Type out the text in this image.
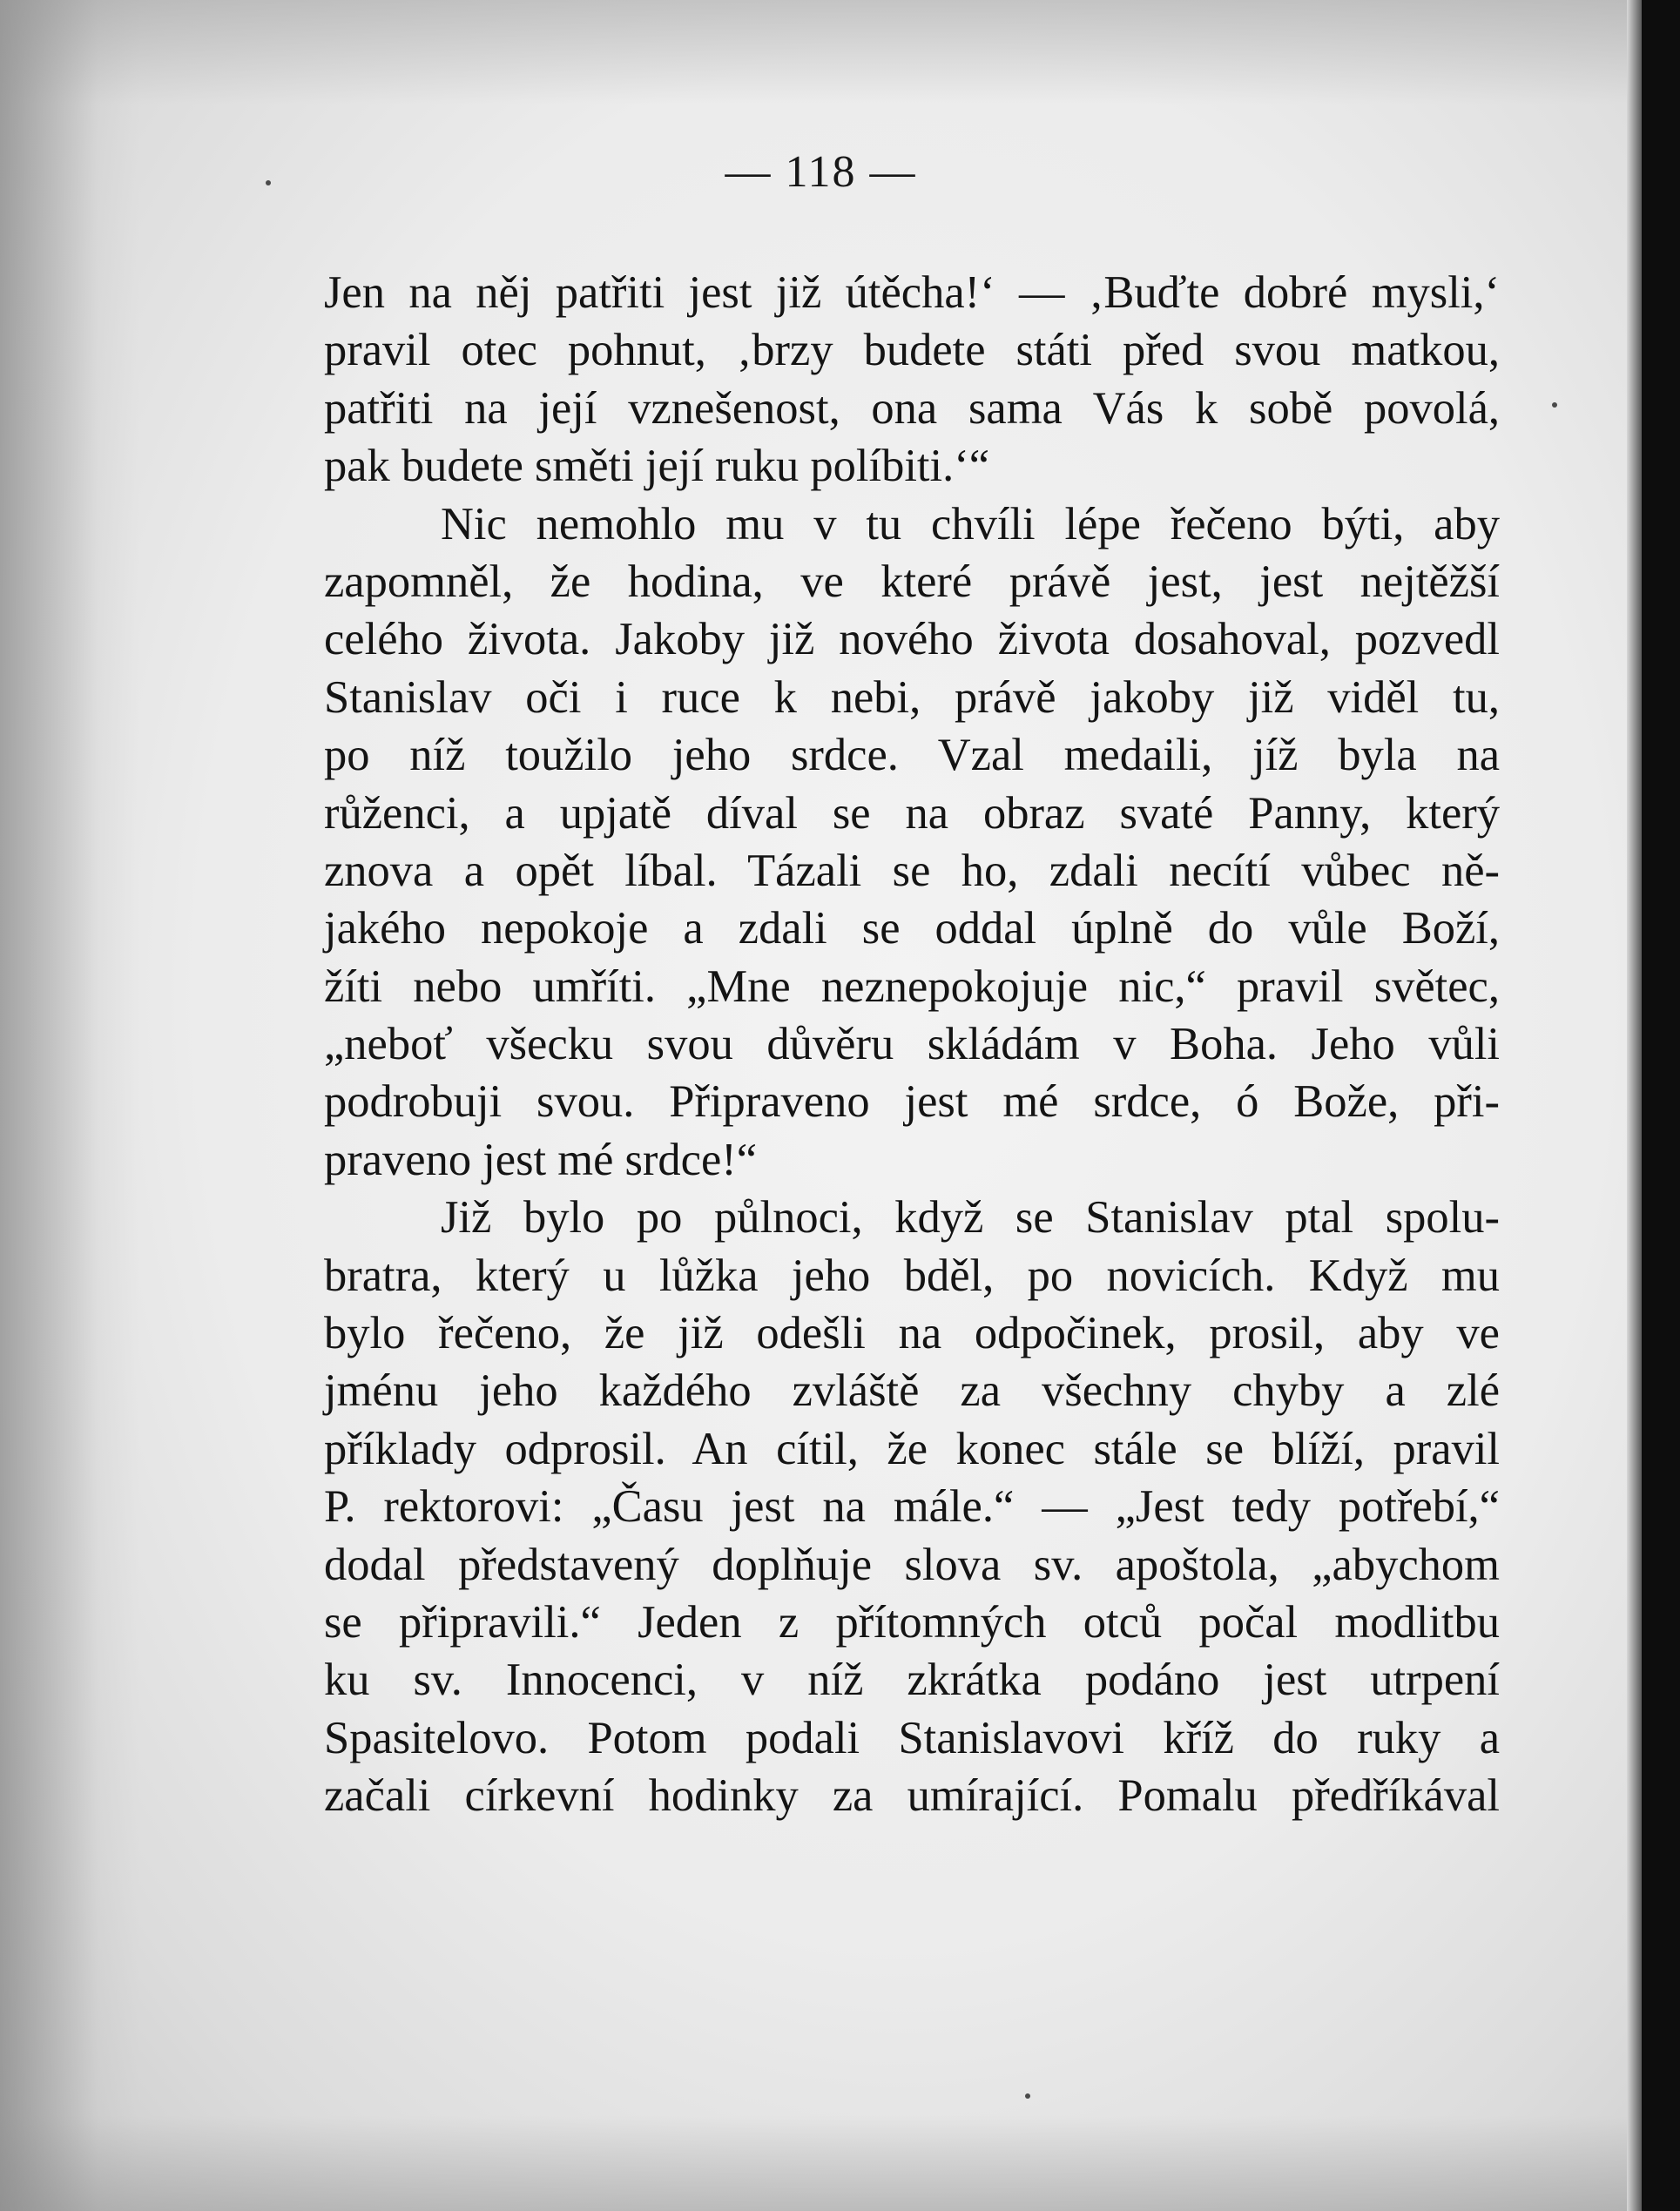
— 118 —
Jen na něj patřiti jest již útěcha!‘ — ‚Buďte dobré mysli,‘
pravil otec pohnut, ‚brzy budete státi před svou matkou,
patřiti na její vznešenost, ona sama Vás k sobě povolá,
pak budete směti její ruku políbiti.‘“
Nic nemohlo mu v tu chvíli lépe řečeno býti, aby
zapomněl, že hodina, ve které právě jest, jest nejtěžší
celého života. Jakoby již nového života dosahoval, pozvedl
Stanislav oči i ruce k nebi, právě jakoby již viděl tu,
po níž toužilo jeho srdce. Vzal medaili, jíž byla na
růženci, a upjatě díval se na obraz svaté Panny, který
znova a opět líbal. Tázali se ho, zdali necítí vůbec ně-
jakého nepokoje a zdali se oddal úplně do vůle Boží,
žíti nebo umříti. „Mne neznepokojuje nic,“ pravil světec,
„neboť všecku svou důvěru skládám v Boha. Jeho vůli
podrobuji svou. Připraveno jest mé srdce, ó Bože, při-
praveno jest mé srdce!“
Již bylo po půlnoci, když se Stanislav ptal spolu-
bratra, který u lůžka jeho bděl, po novicích. Když mu
bylo řečeno, že již odešli na odpočinek, prosil, aby ve
jménu jeho každého zvláště za všechny chyby a zlé
příklady odprosil. An cítil, že konec stále se blíží, pravil
P. rektorovi: „Času jest na mále.“ — „Jest tedy potřebí,“
dodal představený doplňuje slova sv. apoštola, „abychom
se připravili.“ Jeden z přítomných otců počal modlitbu
ku sv. Innocenci, v níž zkrátka podáno jest utrpení
Spasitelovo. Potom podali Stanislavovi kříž do ruky a
začali církevní hodinky za umírající. Pomalu předříkával
